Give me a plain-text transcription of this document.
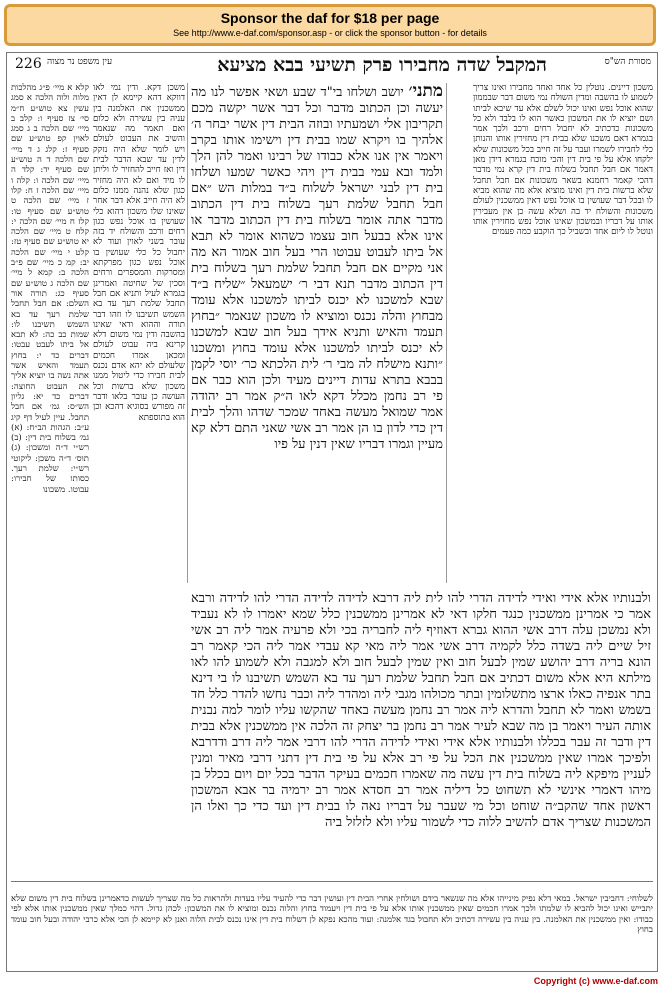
Sponsor the daf for $18 per page
See http://www.e-daf.com/sponsor.asp - or click the sponsor button - for details
מסורת הש"ס
המקבל שדה מחבירו פרק תשיעי בבא מציעא
עין משפט נר מצוה
226

משכון דיינים. נוטלין כל אחד ואחד מחבירו ואינו צריך לשמוע לו בהשבה ומדין השולח נמי משום דבר שבממון שהוא אוכל נפש ואינו יכול לשלם אלא עד שיבא לביתו ושם יוציא לו את המשכון כאשר הוא לו בלבד ולא כל משכונות כדכתיב לא יחבול רחים ורכב ולכך אמר בגמרא דאם משכנו שלא בבית דין מחזירין אותו והנותן כלי לחבירו לשמרו ועבר על זה חייב בכל משכונות שלא ילקחו אלא על פי בית דין והכי מוכח בגמרא דידן מאן דאמר אם חבל תחבל בשלוח בית דין קרא נמי מדבר דהכי קאמר רחמנא בשאר משכונות אם חבל תחבל שלא ברשות בית דין ואינו מוציא אלא מה שהוא מביא לו ובכל דבר שעושין בו אוכל נפש דאין ממשכנין לעולם משכונות והשולח יד בה ושלא עשה כן אין מעבירין אותו על דבריו ובמשכון שאינו אוכל נפש מחזירין אותו ונוטל לו ליום אחד ובשביל כך הוקבע כמה פעמים

מתני׳ יושב ושלחו בי"ד שבע ושאי אפשר לנו מה יעשה וכן הכתוב מדבר וכל דבר אשר יקשה מכם תקריבון אלי ושמעתיו ובוזה הבית דין אשר יבחר ה׳ אלהיך בו ויקרא שמו בבית דין וישימו אותו בקרב ויאמר אין אנו אלא כבודו של רבינו ואמר להן הלך ולמד ובא עמי בבית דין ויהי כאשר שמעו ושלחו בית דין לבני ישראל לשלוח ב״ד במלות הש ״אם חבל תחבל שלמת רעך בשלוח בית דין הכתוב מדבר אתה אומר בשלוח בית דין הכתוב מדבר או אינו אלא בבעל חוב עצמו כשהוא אומר לא תבא אל ביתו לעבוט עבוטו הרי בעל חוב אמור הא מה אני מקיים אם חבל תחבל שלמת רעך בשלוח בית דין הכתוב מדבר תנא דבי ר׳ ישמעאל ״שליח ב״ד שבא למשכנו לא יכנס לביתו למשכנו אלא עומד מבחוץ והלה נכנס ומוציא לו משכון שנאמר ״בחוץ תעמד והאיש ותניא אידך בעל חוב שבא למשכנו לא יכנס לביתו למשכנו אלא עומד בחוץ ומשכנו ״ותנא מישלח לה מבי ר׳ לית הלכתא כר׳ יוסי לקמן בבבא בתרא עדות דיינים מעיד ולכן הוא כבר אם פי רב נחמן מכלל דקא לאו ה״ק אמר רב יהודה אמר שמואל מעשה באחד שמכר שדהו והלך לבית דין כדי לדון בו הן אמר רב אשי שאני התם דלא קא מעיין וגמרו דבריו שאין דנין על פיו

משכן דקא. ודין נמי לאו דווקא דהא קיימא לן דאין ממשכנין את האלמנה בין עניה בין עשירה ולא כלום ואם תאמר מה שנאמר והשיב את העבוט לעולם ויש לומר שלא היה נזקק לדין עד שבא הדבר לבית דין ואז חייב להחזיר לו וליתן לו מיד ואם לא היה מחזיר כגון שלא נהנה ממנו כלום לא היה חייב אלא דבר אחר שאינו שלו משכון דהוא כלי שעושין בו אוכל נפש כגון רחים ורכב והשולח יד בזה עובר בשני לאוין ועוד לא יחבול כל כלי שעושין בו אוכל נפש כגון מפרקתא ומסרקות והמספרים ורחים וסכין של שחיטה ואמרינן בגמרא לעיל ותניא אם חבל תחבל שלמת רעך עד בא השמש תשיבנו לו וזהו דבר תורה וההוא ודאי שאינו בהשבה ודין נמי משום דלא קרינא ביה עבוט לעולם ומכאן אמרו חכמים שלעולם לא יהא אדם נכנס לבית חבירו כדי ליטול ממנו משכון שלא ברשות וכל העושה כן עובר בלאו ודבר זה מפורש בסוגיא דהכא וכן הוא בתוספתא

קלא א מיי׳ פ״ג מהלכות מלוה ולוה הלכה א סמג עשין צא טוש״ע ח״מ סי׳ צז סעיף ו: קלב ב מיי׳ שם הלכה ב ג סמג לאוין קפ טוש״ע שם סעיף ז: קלג ג ד מיי׳ שם הלכה ד ה טוש״ע שם סעיף יד: קלד ה מיי׳ שם הלכה ו: קלה ו מיי׳ שם הלכה ז ח: קלו ז מיי׳ שם הלכה ט טוש״ע שם סעיף טו: קלז ח מיי׳ שם הלכה י: קלח ט מיי׳ שם הלכה יא טוש״ע שם סעיף טז: קלט י מיי׳ שם הלכה יב: קמ כ מיי׳ שם פ״ב הלכה ב: קמא ל מיי׳ שם הלכה ג טוש״ע שם סעיף כג: תורה אור השלם: אם חבל תחבל שלמת רעך עד בא השמש תשיבנו לו: שמות כב כה: לא תבא אל ביתו לעבט עבטו: דברים כד י: בחוץ תעמד והאיש אשר אתה נשה בו יוציא אליך את העבוט החוצה: דברים כד יא: גליון הש״ס: גמ׳ אם חבל תחבל. עיין לעיל דף קיג ע״ב: הגהות הב״ח: (א) גמ׳ בשלוח בית דין: (ב) רש״י ד״ה ומשכון: (ג) תוס׳ ד״ה משכן: ליקוטי רש״י: שלמת רעך. כסותו של חבירו: עבוטו. משכונו

ולבנותיו אלא אידי ואידי לדידה הדרי להו לית ליה דרבא לדידה לדידה הדרי להו לדידה ורבא אמר כי אמרינן ממשכנין כנגד חלקו דאי לא אמרינן ממשכנין כלל שמא יאמרו לו לא נעביד ולא נמשכן עלה דרב אשי ההוא גברא דאוזיף ליה לחבריה בכי ולא פרעיה אמר ליה רב אשי זיל שיים ליה בשדה כלל לקמיה דרב אשי אמר ליה מאי קא עבדי אמר ליה הכי קאמר רב הונא בריה דרב יהושע שמין לבעל חוב ואין שמין לבעל חוב ולא למגבה ולא לשמוע להו לאו מילתא היא אלא משום דכתיב אם חבל תחבל שלמת רעך עד בא השמש תשיבנו לו בי דינא בתר אנפיה כאלו ארצו מתשלומין ובתר מכולהו מגבי ליה ומהדר ליה וכבר נחשו להדר כלל חד בשמש ואמר לא תחבל והדרא ליה אמר רב נחמן מעשה באחד שהקשו עליו לומר למה נבנית אותה העיר ויאמר בן מה שבא לעיר אמר רב נחמן בר יצחק זה הלכה אין ממשכנין אלא בבית דין ודבר זה עבר בכללו ולבנותיו אלא אידי ואידי לדידה הדרי להו דרבי אמר ליה דרב ודדרבא ולפיכך אמרו שאין ממשכנין את הכל על פי רב אלא על פי בית דין דתני דרבי מאיר ומנין לעניין מיפקא ליה בשלוח בית דין עשה מה שאמרו חכמים בעיקר הדבר בכל יום ויום בכלל בן מיהו דאמרי אינשי לא תשחוט כל דיליה אמר רב חסדא אמר רב ירמיה בר אבא המשכון ראשון אחד שהקב״ה שוחט וכל מי שעבר על דבריו נאה לו בבית דין ועד כדי כך ואלו הן המשכנות שצריך אדם להשיב ללוה כדי לשמור עליו ולא לזלזל ביה

לשלוחי: דחביבין ישראל. במאי דלא נפיק מינייהו אלא מה שנשאר בידם ושולחין אחרי הבית דין ועושין דבר כדי להעיד עליו בעדות ולהראות כל מה שצריך לעשות כדאמרינן בשלוח בית דין משום שלא יתבייש ואינו יכול להביא לו שלמתו ולכך אמרו חכמים שאין ממשכנין אותו אלא על פי בית דין ויעמוד בחוץ והלוה נכנס ומוציא לו את המשכון: לכהן גדול. דהוי כמלך שאין ממשכנין אותו אלא לפי כבודו: ואין ממשכנין את האלמנה. בין עניה בין עשירה דכתיב ולא תחבול בגד אלמנה: ועוד מהכא נפקא לן דשלוח בית דין אינו נכנס לבית הלוה ואנן לא קיימא לן הכי אלא כרבי יהודה ובעל חוב עומד בחוץ

Copyright (c) www.e-daf.com
